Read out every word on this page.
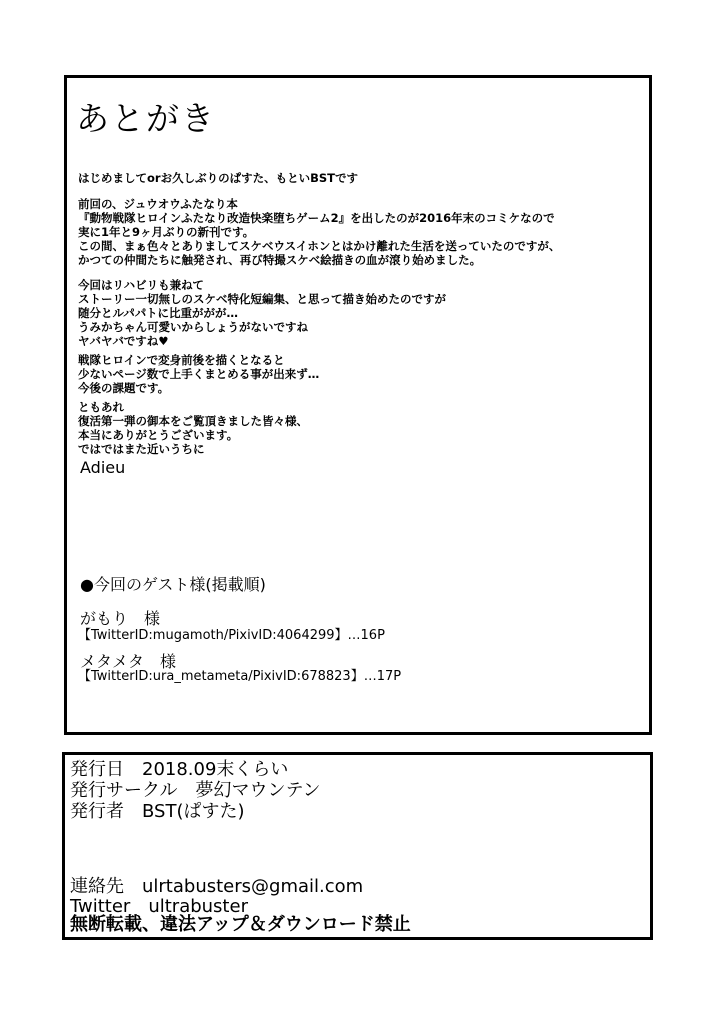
あとがき
はじめましてorお久しぶりのぱすた、もといBSTです
前回の、ジュウオウふたなり本
『動物戦隊ヒロインふたなり改造快楽堕ちゲーム2』を出したのが2016年末のコミケなので
実に1年と9ヶ月ぶりの新刊です。
この間、まぁ色々とありましてスケベウスイホンとはかけ離れた生活を送っていたのですが、
かつての仲間たちに触発され、再び特撮スケベ絵描きの血が滾り始めました。
今回はリハビリも兼ねて
ストーリー一切無しのスケベ特化短編集、と思って描き始めたのですが
随分とルパパトに比重ががが…
うみかちゃん可愛いからしょうがないですね
ヤバヤバですね♥
戦隊ヒロインで変身前後を描くとなると
少ないページ数で上手くまとめる事が出来ず…
今後の課題です。
ともあれ
復活第一弾の御本をご覧頂きました皆々様、
本当にありがとうございます。
ではではまた近いうちに
Adieu
●今回のゲスト様(掲載順)
がもり　様
【TwitterID:mugamoth/PixivID:4064299】…16P
メタメタ　様
【TwitterID:ura_metameta/PixivID:678823】…17P
発行日　2018.09末くらい
発行サークル　夢幻マウンテン
発行者　BST(ぱすた)
連絡先　ulrtabusters@gmail.com
Twitter　ultrabuster
無断転載、違法アップ＆ダウンロード禁止
